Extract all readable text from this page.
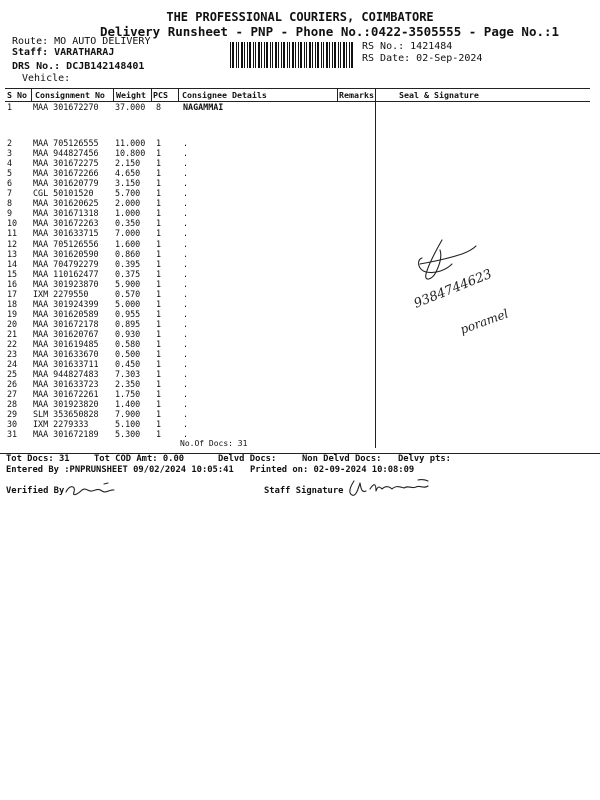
THE PROFESSIONAL COURIERS, COIMBATORE
Delivery Runsheet - PNP - Phone No.:0422-3505555 - Page No.:1
Route: MO AUTO DELIVERY
Staff: VARATHARAJ
DRS No.: DCJB142148401
Vehicle:
RS No.: 1421484
RS Date: 02-Sep-2024
S No Consignment No Weight PCS Consignee Details	Remarks	Seal & Signature
1 MAA 301672270 37.000 8	NAGAMMAI
2 MAA 705126555 11.000 1	.
3 MAA 944827456 10.800 1	.
4 MAA 301672275 2.150 1	.
5 MAA 301672266 4.650 1	.
6 MAA 301620779 3.150 1	.
7 CGL 50101520	5.700 1	.
8 MAA 301620625 2.000 1	.
9 MAA 301671318 1.000 1	.
10 MAA 301672263 0.350 1	.
11 MAA 301633715 7.000 1	.
12 MAA 705126556 1.600 1	.
13 MAA 301620590 0.860 1	.
14 MAA 704792279 0.395 1	.
15 MAA 110162477 0.375 1	.
16 MAA 301923870 5.900 1	.
17 IXM 2279550	0.570 1	.
18 MAA 301924399 5.000 1	.
19 MAA 301620589 0.955 1	.
20 MAA 301672178 0.895 1	.
21 MAA 301620767 0.930 1	.
22 MAA 301619485 0.580 1	.
23 MAA 301633670 0.500 1	.
24 MAA 301633711 0.450 1	.
25 MAA 944827483 7.303 1	.
26 MAA 301633723 2.350 1	.
27 MAA 301672261 1.750 1	.
28 MAA 301923820 1.400 1	.
29 SLM 353650828 7.900 1	.
30 IXM 2279333	5.100 1	.
31 MAA 301672189 5.300 1	.
No.Of Docs: 31
9384744623
poramel
Tot Docs: 31	Tot COD Amt: 0.00	Delvd Docs:	Non Delvd Docs: Delvy pts:
Entered By :PNPRUNSHEET 09/02/2024 10:05:41 Printed on: 02-09-2024 10:08:09
Verified By	Staff Signature
